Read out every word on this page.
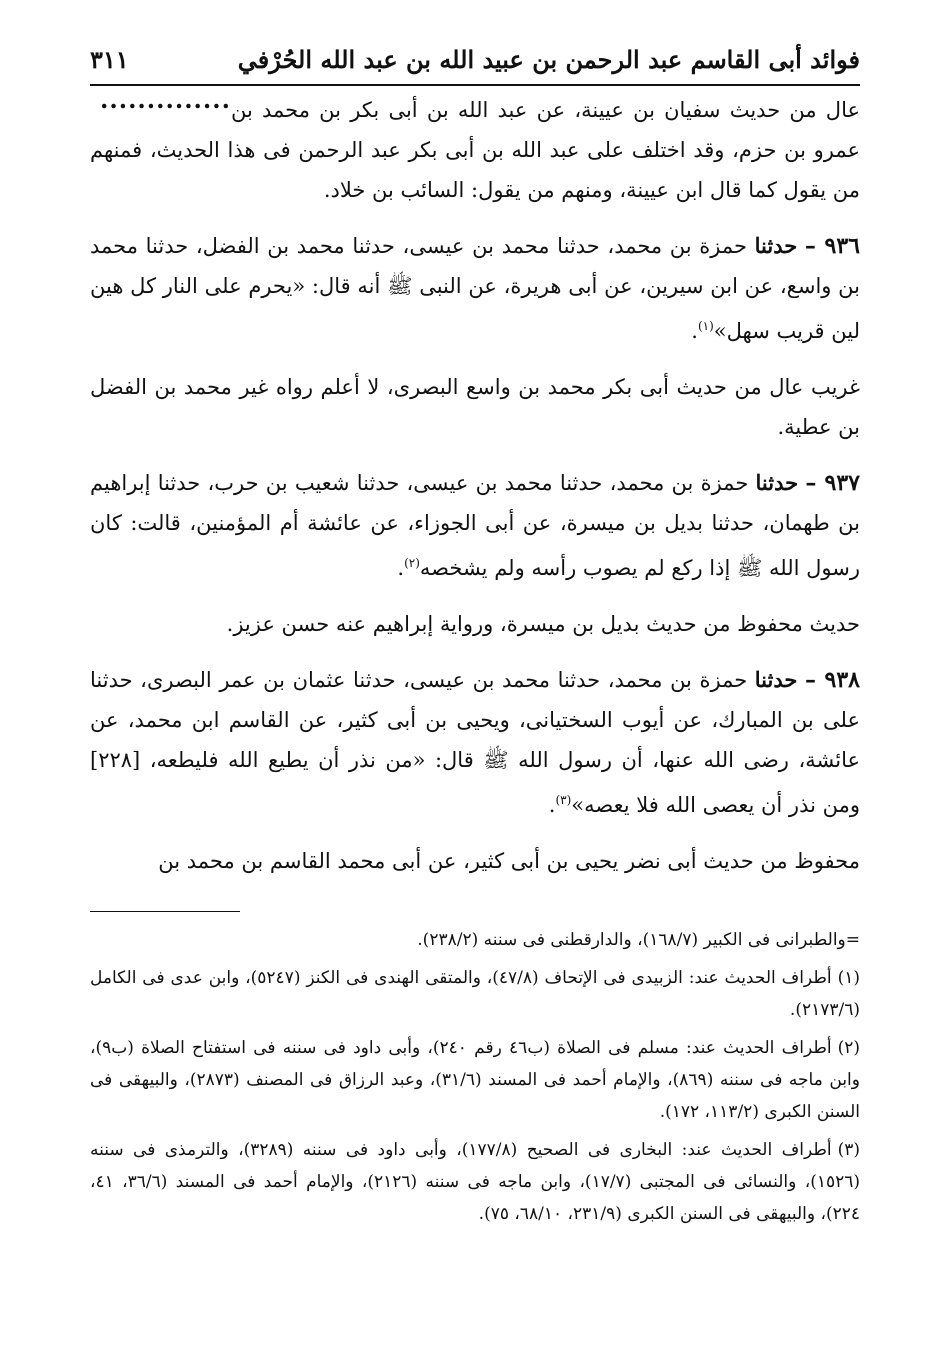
فوائد أبى القاسم عبد الرحمن بن عبيد الله بن عبد الله الحُرْفي
٣١١
.............. عال من حديث سفيان بن عيينة، عن عبد الله بن أبى بكر بن محمد بن عمرو بن حزم، وقد اختلف على عبد الله بن أبى بكر عبد الرحمن فى هذا الحديث، فمنهم من يقول كما قال ابن عيينة، ومنهم من يقول: السائب بن خلاد.

٩٣٦ – حدثنا حمزة بن محمد، حدثنا محمد بن عيسى، حدثنا محمد بن الفضل، حدثنا محمد بن واسع، عن ابن سيرين، عن أبى هريرة، عن النبى ﷺ أنه قال: «يحرم على النار كل هين لين قريب سهل»$^{(١)}$.

غريب عال من حديث أبى بكر محمد بن واسع البصرى، لا أعلم رواه غير محمد بن الفضل بن عطية.

٩٣٧ – حدثنا حمزة بن محمد، حدثنا محمد بن عيسى، حدثنا شعيب بن حرب، حدثنا إبراهيم بن طهمان، حدثنا بديل بن ميسرة، عن أبى الجوزاء، عن عائشة أم المؤمنين، قالت: كان رسول الله ﷺ إذا ركع لم يصوب رأسه ولم يشخصه$^{(٢)}$.

حديث محفوظ من حديث بديل بن ميسرة، ورواية إبراهيم عنه حسن عزيز.

٩٣٨ – حدثنا حمزة بن محمد، حدثنا محمد بن عيسى، حدثنا عثمان بن عمر البصرى، حدثنا على بن المبارك، عن أيوب السختيانى، ويحيى بن أبى كثير، عن القاسم ابن محمد، عن عائشة، رضى الله عنها، أن رسول الله ﷺ قال: «من نذر أن يطيع الله فليطعه، [٢٢٨] ومن نذر أن يعصى الله فلا يعصه»$^{(٣)}$.

محفوظ من حديث أبى نضر يحيى بن أبى كثير، عن أبى محمد القاسم بن محمد بن

=والطبرانى فى الكبير (١٦٨/٧)، والدارقطنى فى سننه (٢٣٨/٢).

(١)أطراف الحديث عند: الزبيدى فى الإتحاف (٤٧/٨)، والمتقى الهندى فى الكنز (٥٢٤٧)، وابن عدى فى الكامل (٢١٧٣/٦).

(٢)أطراف الحديث عند: مسلم فى الصلاة (ب٤٦ رقم ٢٤٠)، وأبى داود فى سننه فى استفتاح الصلاة (ب٩)، وابن ماجه فى سننه (٨٦٩)، والإمام أحمد فى المسند (٣١/٦)، وعبد الرزاق فى المصنف (٢٨٧٣)، والبيهقى فى السنن الكبرى (١١٣/٢، ١٧٢).

(٣)أطراف الحديث عند: البخارى فى الصحيح (١٧٧/٨)، وأبى داود فى سننه (٣٢٨٩)، والترمذى فى سننه (١٥٢٦)، والنسائى فى المجتبى (١٧/٧)، وابن ماجه فى سننه (٢١٢٦)، والإمام أحمد فى المسند (٣٦/٦، ٤١، ٢٢٤)، والبيهقى فى السنن الكبرى (٢٣١/٩، ٦٨/١٠، ٧٥).
